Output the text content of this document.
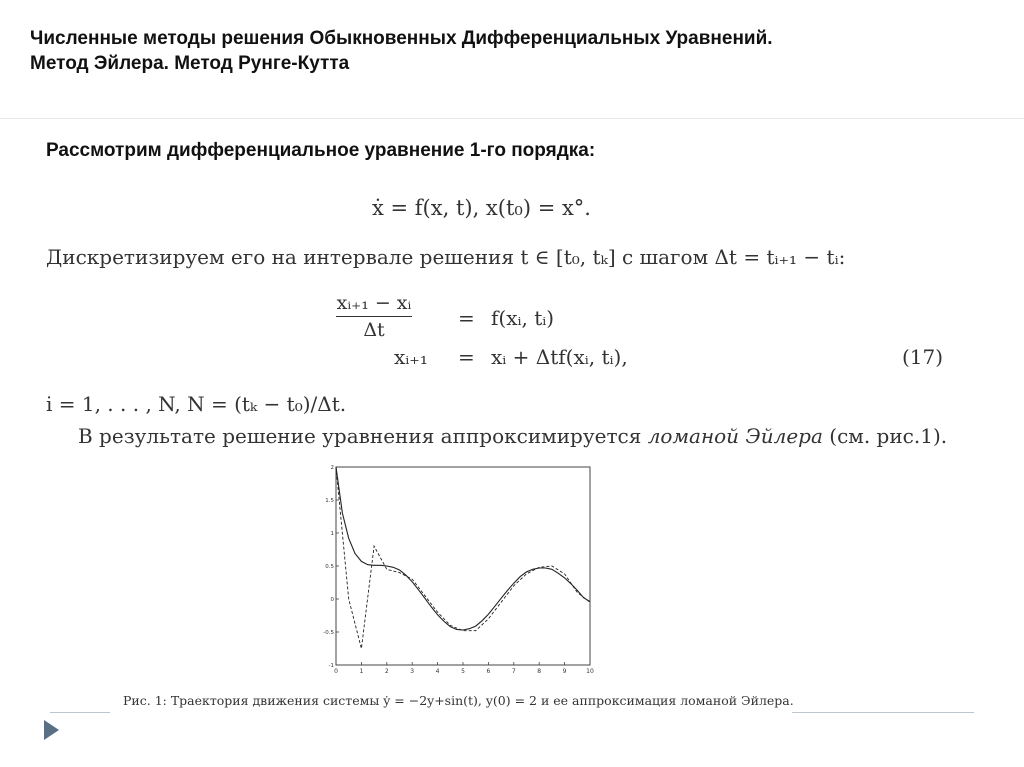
Численные методы решения Обыкновенных Дифференциальных Уравнений.
Метод Эйлера. Метод Рунге-Кутта
Рассмотрим дифференциальное уравнение 1-го порядка:
ẋ = f(x, t), x(t₀) = x°.
Дискретизируем его на интервале решения t ∈ [t₀, tₖ] с шагом Δt = tᵢ₊₁ − tᵢ:
xᵢ₊₁ − xᵢ
Δt	= f(xᵢ, tᵢ)
xᵢ₊₁ = xᵢ + Δtf(xᵢ, tᵢ),	(17)
i = 1, . . . , N, N = (tₖ − t₀)/Δt.
В результате решение уравнения аппроксимируется ломаной Эйлера (см. рис.1).
0	1	2	3	4	5	6	7	8	9	10
-1
-0.5
0
0.5
1
1.5
2
Рис. 1: Траектория движения системы ẏ = −2y+sin(t), y(0) = 2 и ее аппроксимация ломаной Эйлера.
